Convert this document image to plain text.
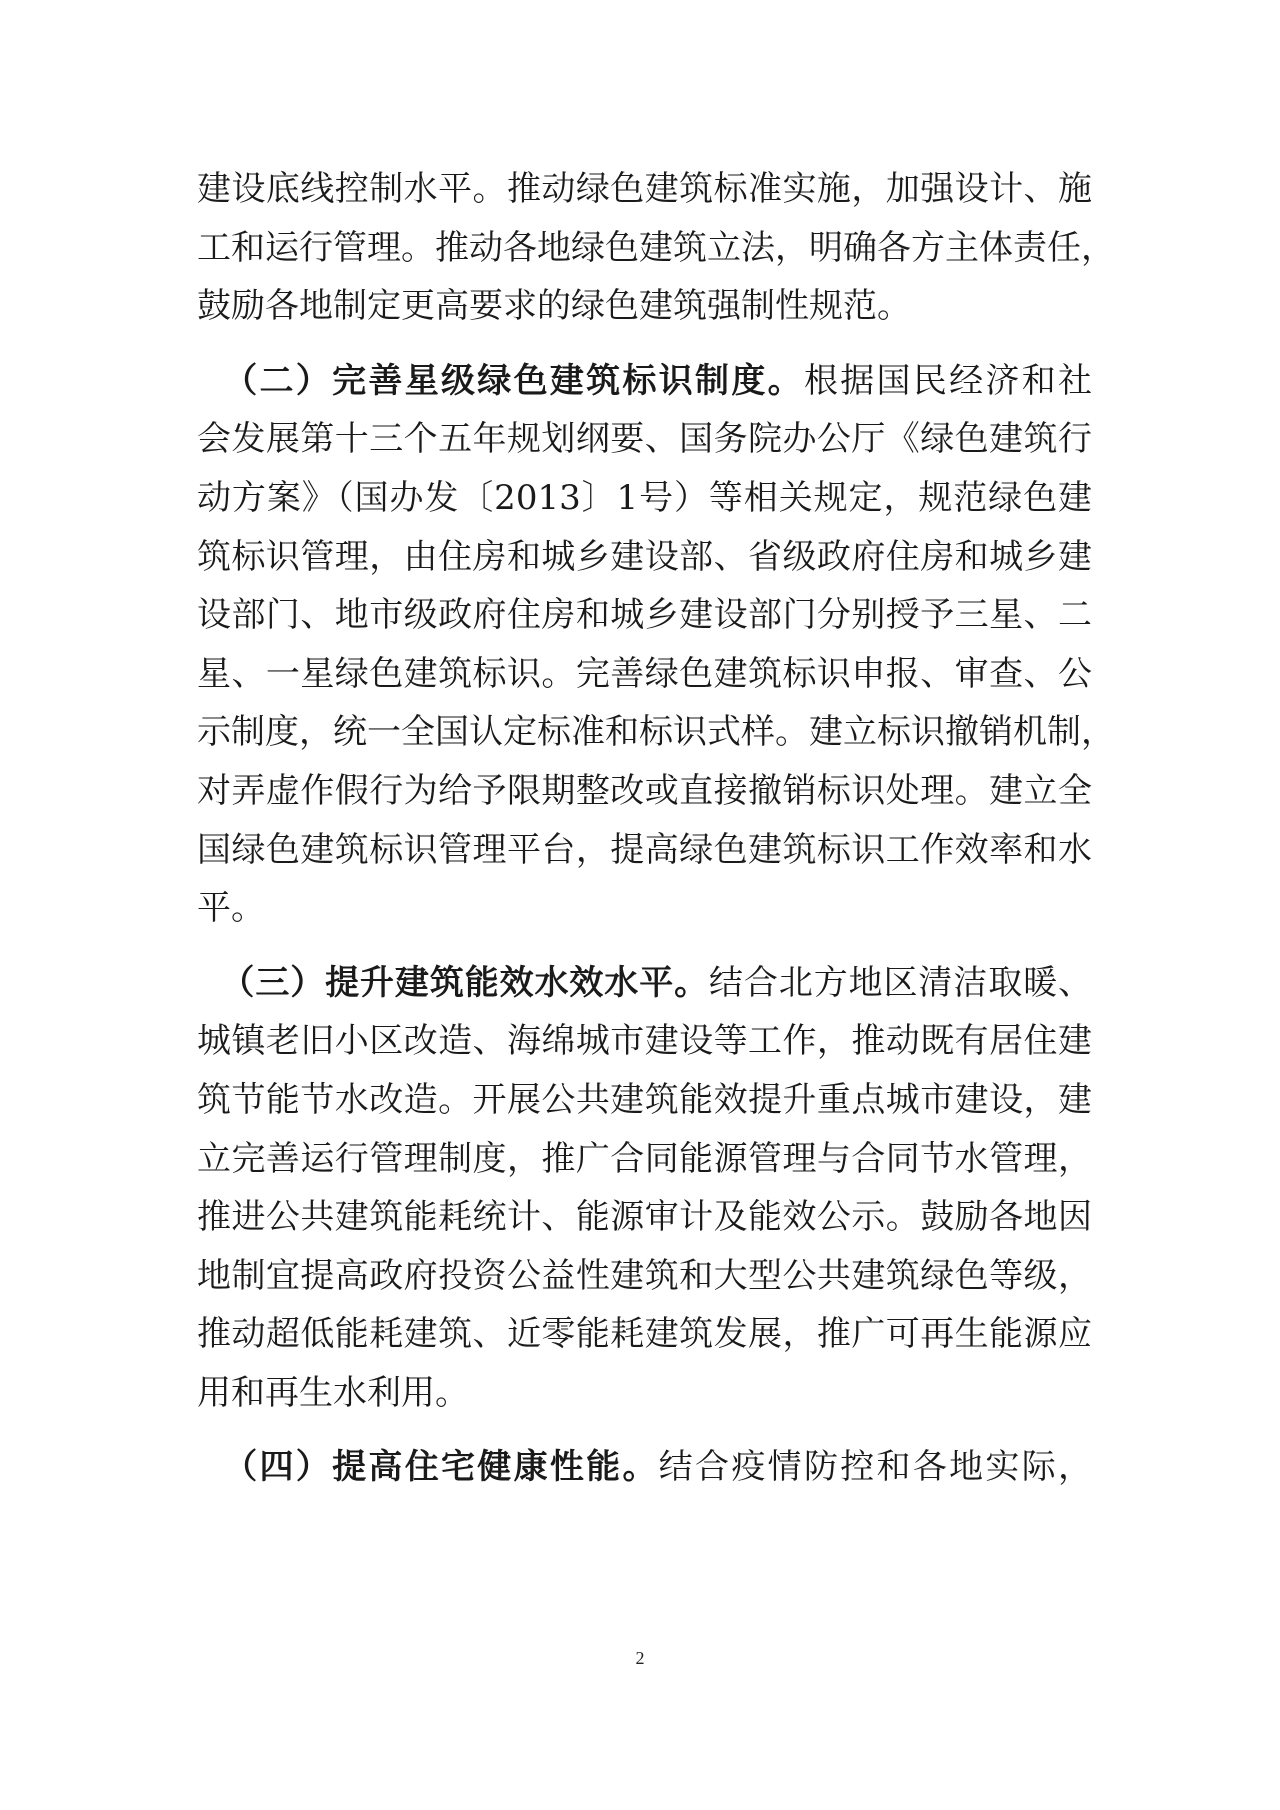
建设底线控制水平。推动绿色建筑标准实施，加强设计、施
工和运行管理。推动各地绿色建筑立法，明确各方主体责任，
鼓励各地制定更高要求的绿色建筑强制性规范。
（二）完善星级绿色建筑标识制度。根据国民经济和社
会发展第十三个五年规划纲要、国务院办公厅《绿色建筑行
动方案》（国办发〔2013〕1号）等相关规定，规范绿色建
筑标识管理，由住房和城乡建设部、省级政府住房和城乡建
设部门、地市级政府住房和城乡建设部门分别授予三星、二
星、一星绿色建筑标识。完善绿色建筑标识申报、审查、公
示制度，统一全国认定标准和标识式样。建立标识撤销机制，
对弄虚作假行为给予限期整改或直接撤销标识处理。建立全
国绿色建筑标识管理平台，提高绿色建筑标识工作效率和水
平。
（三）提升建筑能效水效水平。结合北方地区清洁取暖、
城镇老旧小区改造、海绵城市建设等工作，推动既有居住建
筑节能节水改造。开展公共建筑能效提升重点城市建设，建
立完善运行管理制度，推广合同能源管理与合同节水管理，
推进公共建筑能耗统计、能源审计及能效公示。鼓励各地因
地制宜提高政府投资公益性建筑和大型公共建筑绿色等级，
推动超低能耗建筑、近零能耗建筑发展，推广可再生能源应
用和再生水利用。
（四）提高住宅健康性能。结合疫情防控和各地实际，
2
